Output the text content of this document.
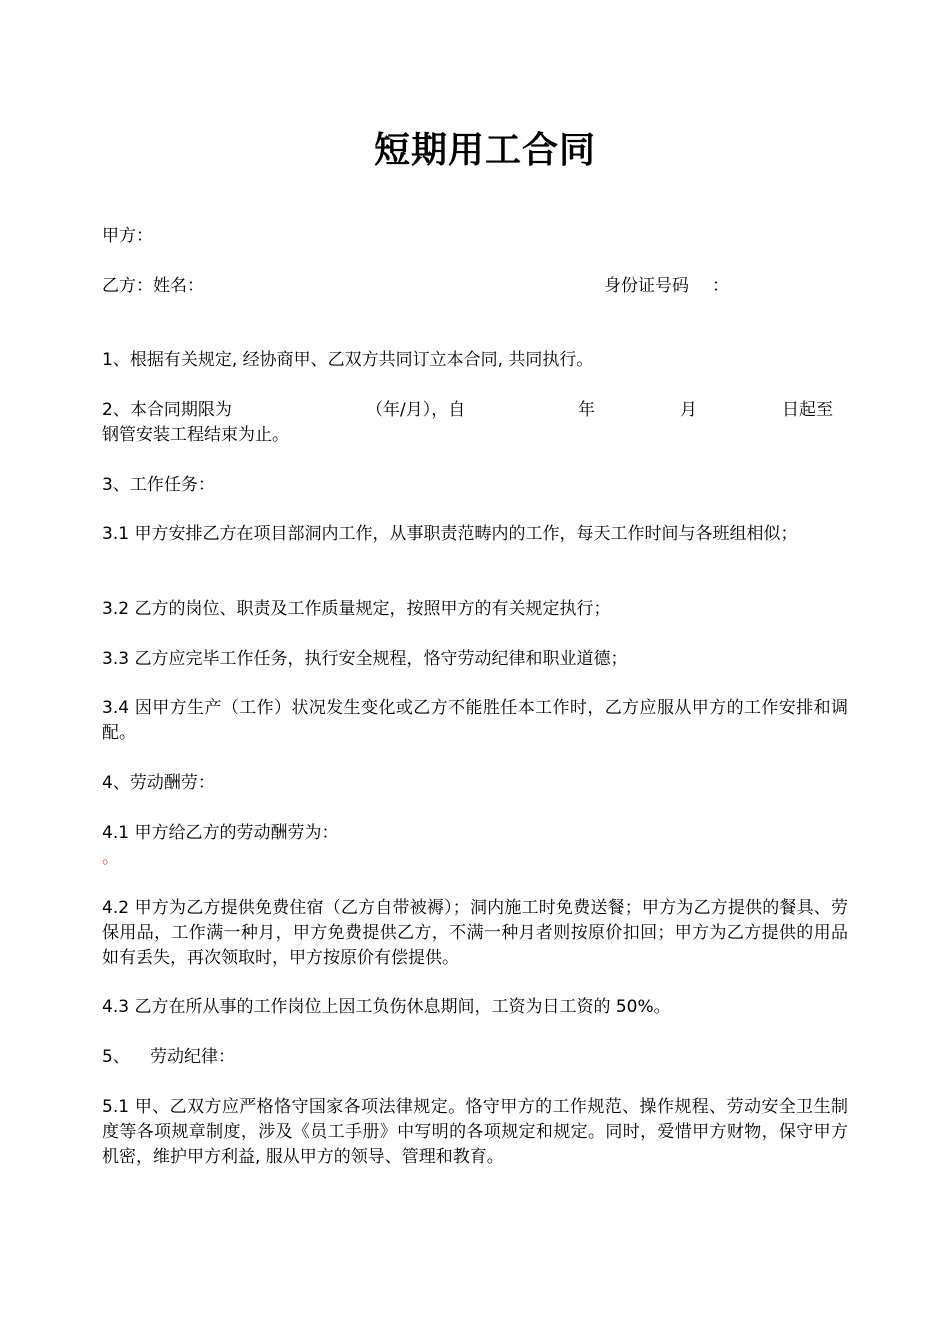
短期用工合同
甲方：
乙方：姓名：	身份证号码 ：
1、根据有关规定, 经协商甲、乙双方共同订立本合同, 共同执行。
2、本合同期限为	（年/月），自	年	月	日起至
钢管安装工程结束为止。
3、工作任务：
3.1 甲方安排乙方在项目部洞内工作，从事职责范畴内的工作，每天工作时间与各班组相似；
3.2 乙方的岗位、职责及工作质量规定，按照甲方的有关规定执行；
3.3 乙方应完毕工作任务，执行安全规程，恪守劳动纪律和职业道德；
3.4 因甲方生产（工作）状况发生变化或乙方不能胜任本工作时，乙方应服从甲方的工作安排和调配。
4、劳动酬劳：
4.1 甲方给乙方的劳动酬劳为：
。
4.2 甲方为乙方提供免费住宿（乙方自带被褥）；洞内施工时免费送餐；甲方为乙方提供的餐具、劳保用品，工作满一种月，甲方免费提供乙方，不满一种月者则按原价扣回；甲方为乙方提供的用品如有丢失，再次领取时，甲方按原价有偿提供。
4.3 乙方在所从事的工作岗位上因工负伤休息期间，工资为日工资的 50%。
5、 劳动纪律：
5.1 甲、乙双方应严格恪守国家各项法律规定。恪守甲方的工作规范、操作规程、劳动安全卫生制度等各项规章制度，涉及《员工手册》中写明的各项规定和规定。同时，爱惜甲方财物，保守甲方机密，维护甲方利益, 服从甲方的领导、管理和教育。
